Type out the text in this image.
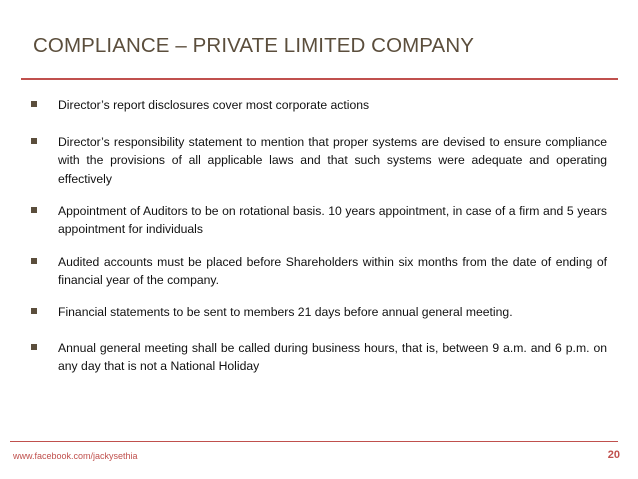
COMPLIANCE – PRIVATE LIMITED COMPANY
Director’s report disclosures cover most corporate actions
Director’s responsibility statement to mention that proper systems are devised to ensure compliance with the provisions of all applicable laws and that such systems were adequate and operating effectively
Appointment of Auditors to be on rotational basis. 10 years appointment, in case of a firm and 5 years appointment for individuals
Audited accounts must be placed before Shareholders within six months from the date of ending of financial year of the company.
Financial statements to be sent to members 21 days before annual general meeting.
Annual general meeting shall be called during business hours, that is, between 9 a.m. and 6 p.m. on any day that is not a National Holiday
www.facebook.com/jackysethia	20
